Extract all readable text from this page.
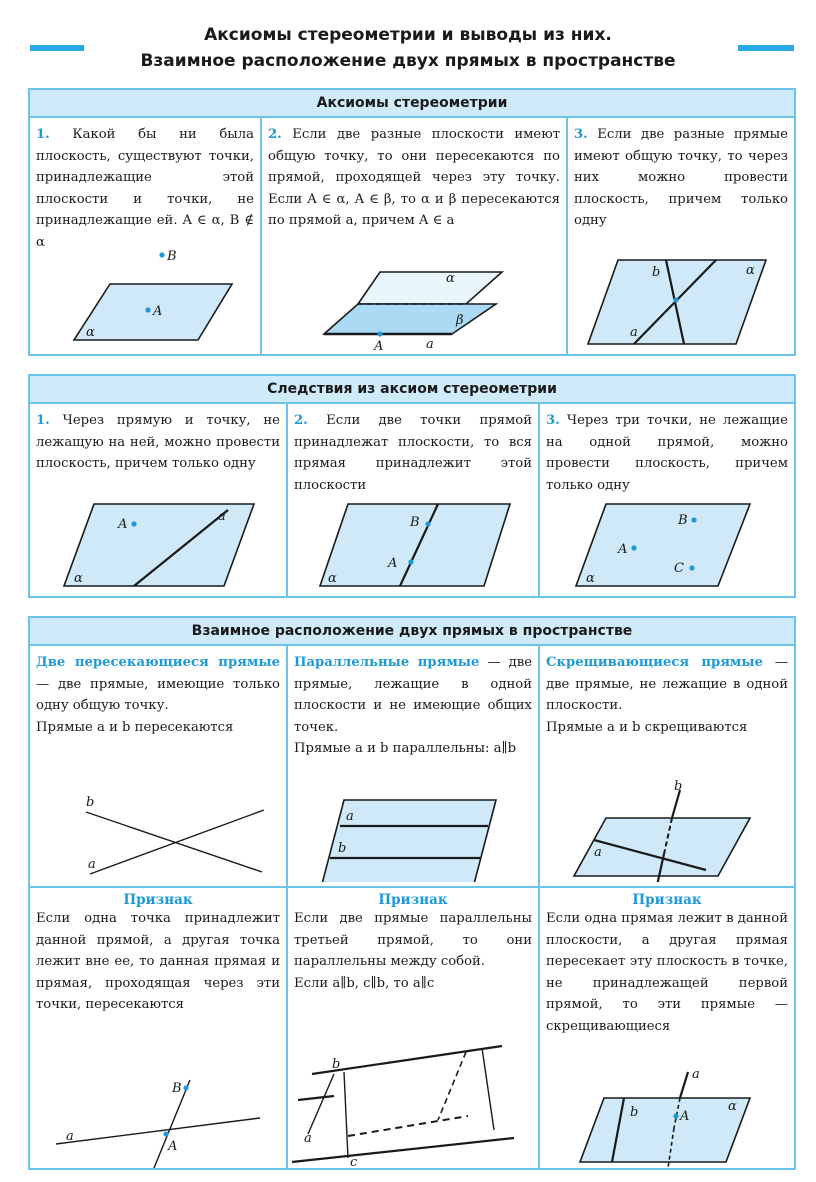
Аксиомы стереометрии и выводы из них.
Взаимное расположение двух прямых в пространстве
Аксиомы стереометрии
1. Какой бы ни была плоскость, существуют точки, принадлежащие этой плоскости и точки, не принадлежащие ей. A ∈ α, B ∉ α
A
B
α
2. Если две разные плоскости имеют общую точку, то они пересекаются по прямой, проходящей через эту точку. Если A ∈ α, A ∈ β, то α и β пересекаются по прямой a, причем A ∈ a
A	a
α
β
3. Если две разные прямые имеют общую точку, то через них можно провести плоскость, причем только одну
b
a
α
Следствия из аксиом стереометрии
1. Через прямую и точку, не лежащую на ней, можно провести плоскость, причем только одну
A
a
α
2. Если две точки прямой принадлежат плоскости, то вся прямая принадлежит этой плоскости
B
A
α
3. Через три точки, не лежащие на одной прямой, можно провести плоскость, причем только одну
B
A
C
α
Взаимное расположение двух прямых в пространстве
Две пересекающиеся прямые — две прямые, имеющие только одну общую точку.
Прямые a и b пересекаются
b
a
Параллельные прямые — две прямые, лежащие в одной плоскости и не имеющие общих точек.
Прямые a и b параллельны: a∥b
a
b
Скрещивающиеся прямые — две прямые, не лежащие в одной плоскости.
Прямые a и b скрещиваются
b
a
Признак
Если одна точка принадлежит данной прямой, а другая точка лежит вне ее, то данная прямая и прямая, проходящая через эти точки, пересекаются
B
A
a
Признак
Если две прямые параллельны третьей прямой, то они параллельны между собой.
Если a∥b, c∥b, то a∥c
b
a
c
Признак
Если одна прямая лежит в данной плоскости, а другая прямая пересекает эту плоскость в точке, не принадлежащей первой прямой, то эти прямые — скрещивающиеся
A
a
b	α
